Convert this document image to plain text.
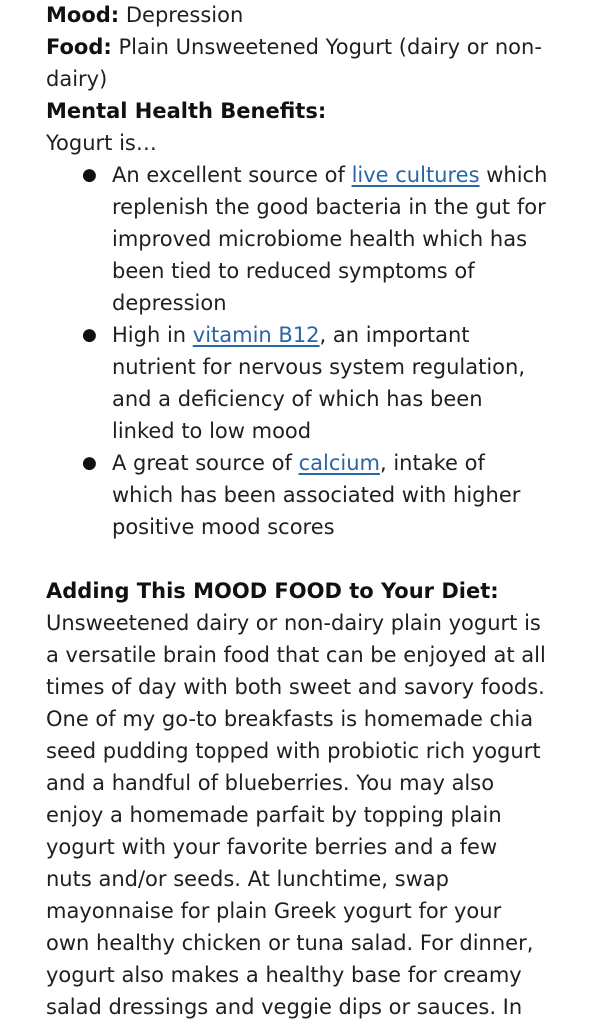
Mood: Depression

Food: Plain Unsweetened Yogurt (dairy or non-

dairy)

Mental Health Benefits:

Yogurt is…

● An excellent source of live cultures which

replenish the good bacteria in the gut for

improved microbiome health which has

been tied to reduced symptoms of

depression

● High in vitamin B12, an important

nutrient for nervous system regulation,

and a deficiency of which has been

linked to low mood

● A great source of calcium, intake of

which has been associated with higher

positive mood scores

Adding This MOOD FOOD to Your Diet:

Unsweetened dairy or non-dairy plain yogurt is

a versatile brain food that can be enjoyed at all

times of day with both sweet and savory foods.

One of my go-to breakfasts is homemade chia

seed pudding topped with probiotic rich yogurt

and a handful of blueberries. You may also

enjoy a homemade parfait by topping plain

yogurt with your favorite berries and a few

nuts and/or seeds. At lunchtime, swap

mayonnaise for plain Greek yogurt for your

own healthy chicken or tuna salad. For dinner,

yogurt also makes a healthy base for creamy

salad dressings and veggie dips or sauces. In
